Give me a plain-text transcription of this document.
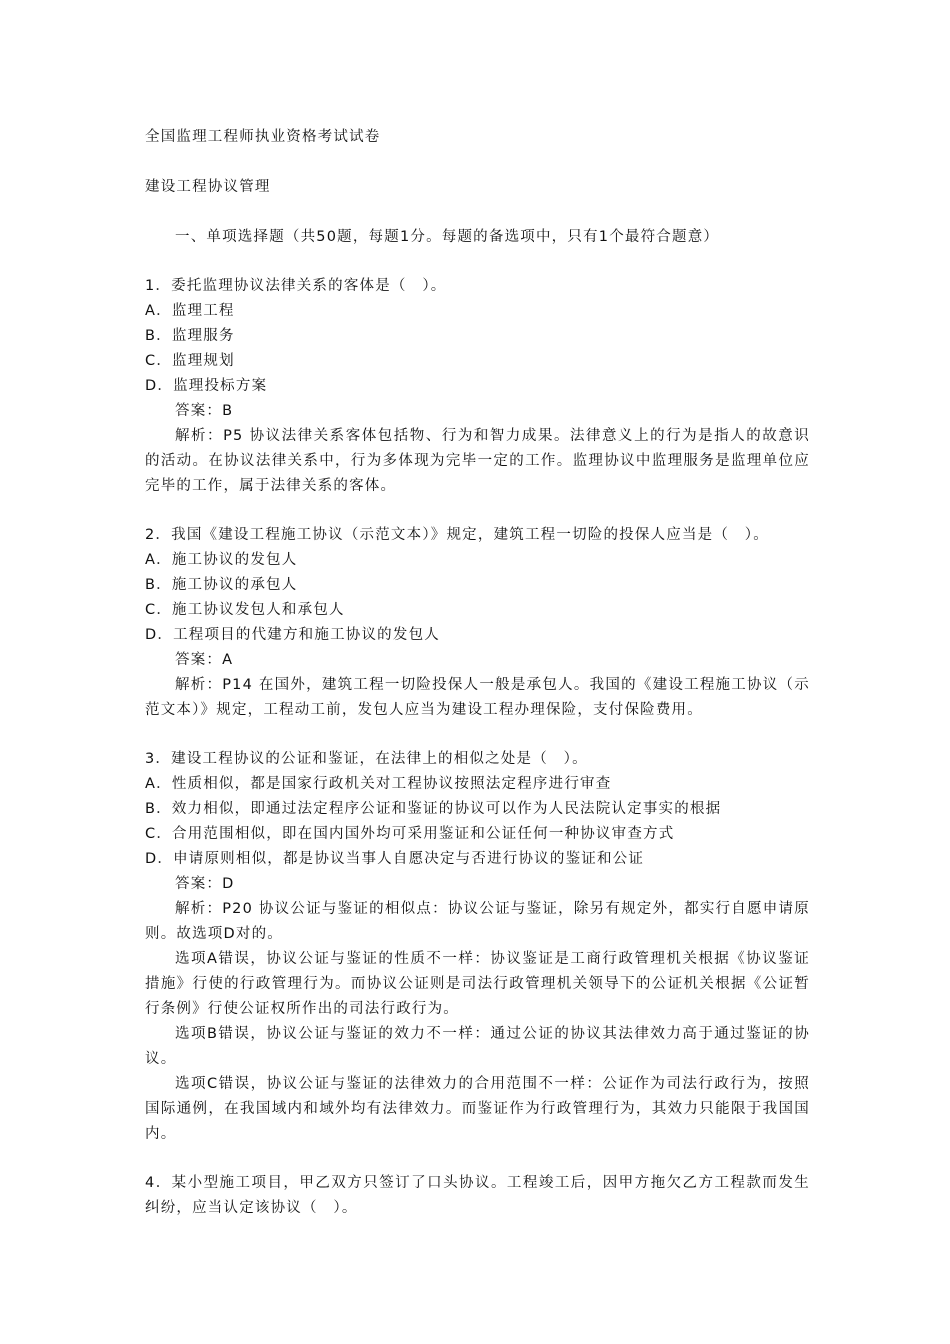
全国监理工程师执业资格考试试卷
建设工程协议管理
一、单项选择题（共50题，每题1分。每题的备选项中，只有1个最符合题意）
1．委托监理协议法律关系的客体是（　）。
A．监理工程
B．监理服务
C．监理规划
D．监理投标方案
答案：B
解析：P5 协议法律关系客体包括物、行为和智力成果。法律意义上的行为是指人的故意识的活动。在协议法律关系中，行为多体现为完毕一定的工作。监理协议中监理服务是监理单位应完毕的工作，属于法律关系的客体。
2．我国《建设工程施工协议（示范文本）》规定，建筑工程一切险的投保人应当是（　）。
A．施工协议的发包人
B．施工协议的承包人
C．施工协议发包人和承包人
D．工程项目的代建方和施工协议的发包人
答案：A
解析：P14 在国外，建筑工程一切险投保人一般是承包人。我国的《建设工程施工协议（示范文本）》规定，工程动工前，发包人应当为建设工程办理保险，支付保险费用。
3．建设工程协议的公证和鉴证，在法律上的相似之处是（　）。
A．性质相似，都是国家行政机关对工程协议按照法定程序进行审查
B．效力相似，即通过法定程序公证和鉴证的协议可以作为人民法院认定事实的根据
C．合用范围相似，即在国内国外均可采用鉴证和公证任何一种协议审查方式
D．申请原则相似，都是协议当事人自愿决定与否进行协议的鉴证和公证
答案：D
解析：P20 协议公证与鉴证的相似点：协议公证与鉴证，除另有规定外，都实行自愿申请原则。故选项D对的。
选项A错误，协议公证与鉴证的性质不一样：协议鉴证是工商行政管理机关根据《协议鉴证措施》行使的行政管理行为。而协议公证则是司法行政管理机关领导下的公证机关根据《公证暂行条例》行使公证权所作出的司法行政行为。
选项B错误，协议公证与鉴证的效力不一样：通过公证的协议其法律效力高于通过鉴证的协议。
选项C错误，协议公证与鉴证的法律效力的合用范围不一样：公证作为司法行政行为，按照国际通例，在我国域内和域外均有法律效力。而鉴证作为行政管理行为，其效力只能限于我国国内。
4．某小型施工项目，甲乙双方只签订了口头协议。工程竣工后，因甲方拖欠乙方工程款而发生纠纷，应当认定该协议（　）。
